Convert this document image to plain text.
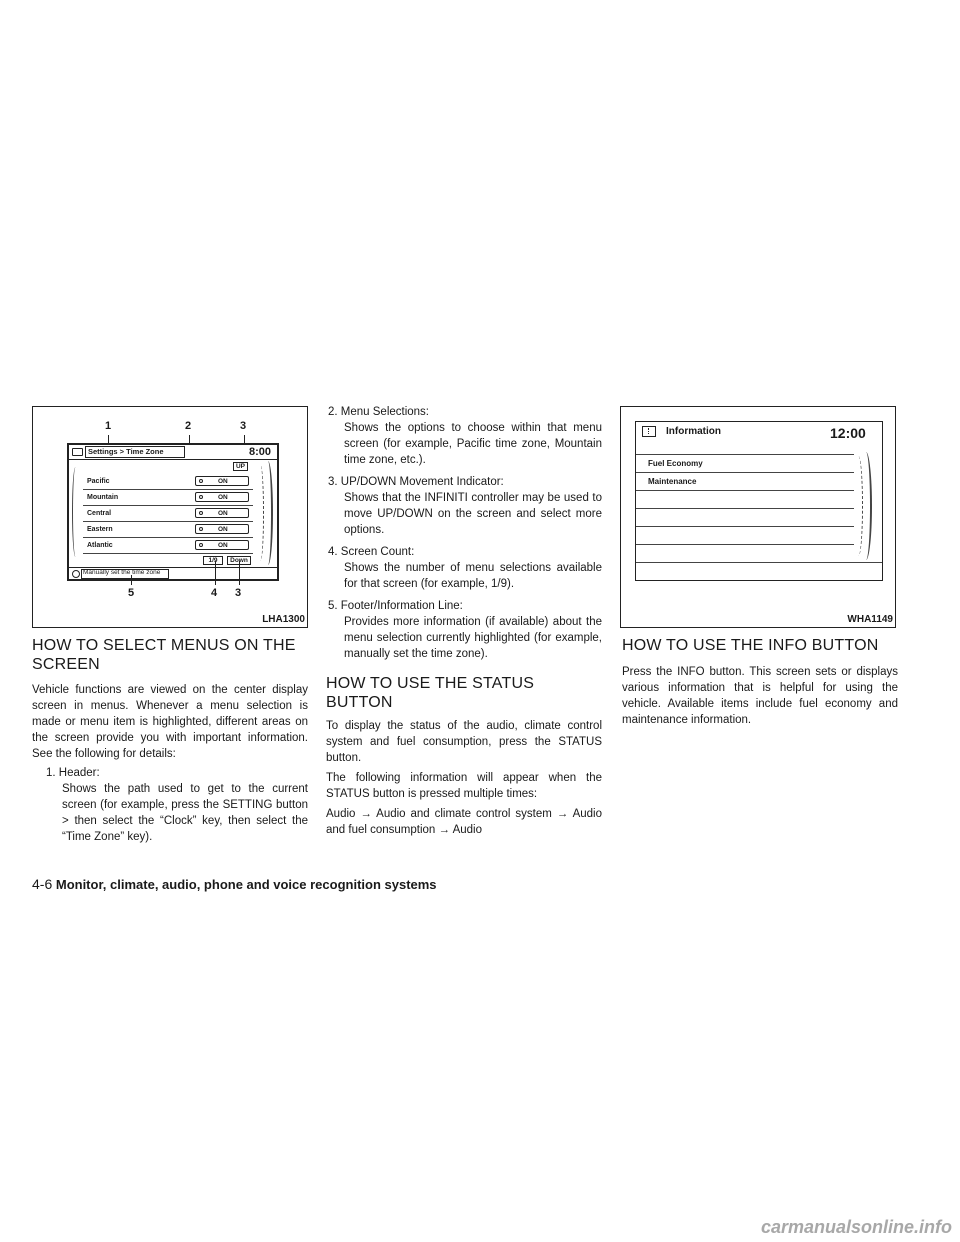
1	2	3
Settings > Time Zone	8:00
UP
Pacific	ON
Mountain	ON
Central	ON
Eastern	ON
Atlantic	ON
1/9	Down
Manually set the time zone
5	4 3
LHA1300
Information	12:00
Fuel Economy
Maintenance
WHA1149
HOW TO SELECT MENUS ON THE SCREEN

Vehicle functions are viewed on the center display screen in menus. Whenever a menu selection is made or menu item is highlighted, different areas on the screen provide you with important information. See the following for details:

1. Header:

Shows the path used to get to the current screen (for example, press the SETTING button > then select the “Clock” key, then select the “Time Zone” key).

2. Menu Selections:

Shows the options to choose within that menu screen (for example, Pacific time zone, Mountain time zone, etc.).

3. UP/DOWN Movement Indicator:

Shows that the INFINITI controller may be used to move UP/DOWN on the screen and select more options.

4. Screen Count:

Shows the number of menu selections available for that screen (for example, 1/9).

5. Footer/Information Line:

Provides more information (if available) about the menu selection currently highlighted (for example, manually set the time zone).

HOW TO USE THE STATUS BUTTON

To display the status of the audio, climate control system and fuel consumption, press the STATUS button.

The following information will appear when the STATUS button is pressed multiple times:

Audio → Audio and climate control system → Audio and fuel consumption → Audio

HOW TO USE THE INFO BUTTON

Press the INFO button. This screen sets or displays various information that is helpful for using the vehicle. Available items include fuel economy and maintenance information.

4-6 Monitor, climate, audio, phone and voice recognition systems
carmanualsonline.info
